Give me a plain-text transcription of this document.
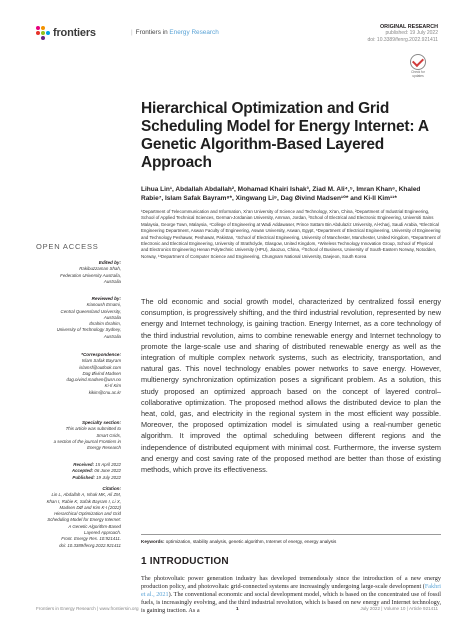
frontiers	| Frontiers in Energy Research
ORIGINAL RESEARCH
published: 19 July 2022
doi: 10.3389/fenrg.2022.921411
Check for updates
Hierarchical Optimization and Grid Scheduling Model for Energy Internet: A Genetic Algorithm-Based Layered Approach
Lihua Lin¹, Abdallah Abdallah², Mohamad Khairi Ishak³, Ziad M. Ali⁴,⁵, Imran Khan⁶, Khaled Rabie⁷, Islam Safak Bayram⁸*, Xingwang Li⁹, Dag Øivind Madsen¹⁰* and Ki-Il Kim¹¹*
¹Department of Telecommunication and Information, Xi'an University of Science and Technology, Xi'an, China, ²Department of Industrial Engineering, School of Applied Technical Sciences, German-Jordanian University, Amman, Jordan, ³School of Electrical and Electronic Engineering, Universiti Sains Malaysia, George Town, Malaysia, ⁴College of Engineering at Wadi Addawaser, Prince Sattam Bin Abdulaziz University, Al-Kharj, Saudi Arabia, ⁵Electrical Engineering Department, Aswan Faculty of Engineering, Aswan University, Aswan, Egypt, ⁶Department of Electrical Engineering, University of Engineering and Technology Peshawar, Peshawar, Pakistan, ⁷School of Electrical Engineering, University of Manchester, Manchester, United Kingdom, ⁸Department of Electronic and Electrical Engineering, University of Strathclyde, Glasgow, United Kingdom, ⁹Wireless Technology Innovation Group, School of Physical and Electronics Engineering Henan Polytechnic University (HPU), Jiaozuo, China, ¹⁰School of Business, University of South-Eastern Norway, Notodden, Norway, ¹¹Department of Computer Science and Engineering, Chungnam National University, Daejeon, South Korea
OPEN ACCESS
Edited by:
Rakibuzzaman Shah,
Federation University Australia,
Australia
Reviewed by:
Kianoush Emami,
Central Queensland University,
Australia
Ibrahim Ibrahim,
University of Technology Sydney,
Australia
*Correspondence:
Islam Safak Bayram
islamsf@outlook.com
Dag Øivind Madsen
dag.oivind.madsen@usn.no
Ki-Il Kim
kikim@cnu.ac.kr
Specialty section:
This article was submitted to
Smart Grids,
a section of the journal Frontiers in
Energy Research
Received: 15 April 2022
Accepted: 06 June 2022
Published: 19 July 2022
Citation:
Lin L, Abdallah A, Ishak MK, Ali ZM,
Khan I, Rabie K, Safak Bayram I, Li X,
Madsen DØ and Kim K-I (2022)
Hierarchical Optimization and Grid
Scheduling Model for Energy Internet:
A Genetic Algorithm-Based
Layered Approach.
Front. Energy Res. 10:921411.
doi: 10.3389/fenrg.2022.921411

The old economic and social growth model, characterized by centralized fossil energy consumption, is progressively shifting, and the third industrial revolution, represented by new energy and Internet technology, is gaining traction. Energy Internet, as a core technology of the third industrial revolution, aims to combine renewable energy and Internet technology to promote the large-scale use and sharing of distributed renewable energy as well as the integration of multiple complex network systems, such as electricity, transportation, and natural gas. This novel technology enables power networks to save energy. However, multienergy synchronization optimization poses a significant problem. As a solution, this study proposed an optimized approach based on the concept of layered control–collaborative optimization. The proposed method allows the distributed device to plan the heat, cold, gas, and electricity in the regional system in the most efficient way possible. Moreover, the proposed optimization model is simulated using a real-number genetic algorithm. It improved the optimal scheduling between different regions and the independence of distributed equipment with minimal cost. Furthermore, the inverse system and energy and cost saving rate of the proposed method are better than those of existing methods, which prove its effectiveness.

Keywords: optimization, stability analysis, genetic algorithm, Internet of energy, energy analysis
1 INTRODUCTION

The photovoltaic power generation industry has developed tremendously since the introduction of a new energy production policy, and photovoltaic grid-connected systems are increasingly undergoing large-scale development (Fakhri et al., 2021). The conventional economic and social development model, which is based on the concentrated use of fossil fuels, is increasingly evolving, and the third industrial revolution, which is based on new energy and Internet technology, is gaining traction. As a

Frontiers in Energy Research | www.frontiersin.org	1	July 2022 | Volume 10 | Article 921411
